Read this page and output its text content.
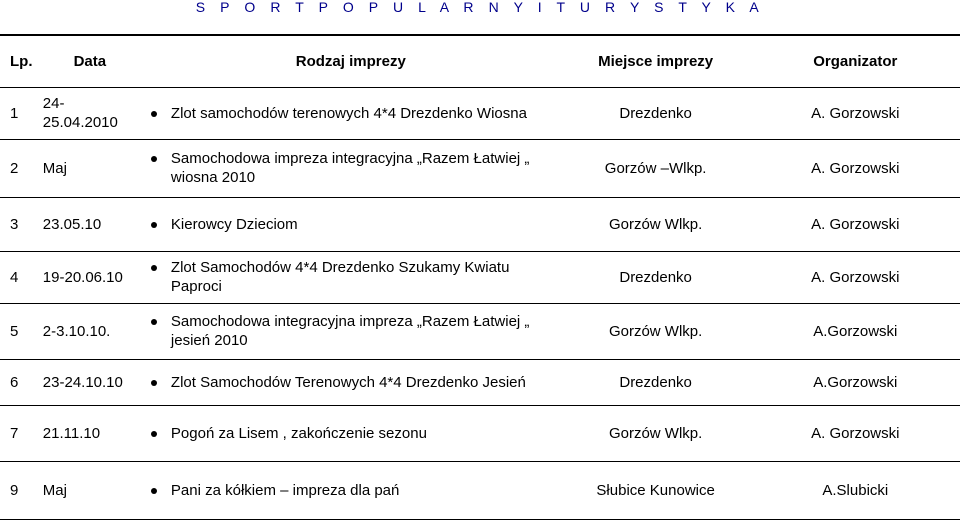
S P O R T P O P U L A R N Y I T U R Y S T Y K A
Lp.	Data	Rodzaj imprezy	Miejsce imprezy	Organizator
1	24-25.04.2010	Zlot samochodów terenowych 4*4 Drezdenko Wiosna	Drezdenko	A. Gorzowski
2	Maj	Samochodowa impreza integracyjna „Razem Łatwiej „ wiosna 2010	Gorzów –Wlkp.	A. Gorzowski
3	23.05.10	Kierowcy Dzieciom	Gorzów Wlkp.	A. Gorzowski
4	19-20.06.10	Zlot Samochodów 4*4 Drezdenko Szukamy Kwiatu Paproci	Drezdenko	A. Gorzowski
5	2-3.10.10.	Samochodowa integracyjna impreza „Razem Łatwiej „ jesień 2010	Gorzów Wlkp.	A.Gorzowski
6	23-24.10.10	Zlot Samochodów Terenowych 4*4 Drezdenko Jesień	Drezdenko	A.Gorzowski
7	21.11.10	Pogoń za Lisem , zakończenie sezonu	Gorzów Wlkp.	A. Gorzowski
9	Maj	Pani za kółkiem – impreza dla pań	Słubice Kunowice	A.Slubicki
